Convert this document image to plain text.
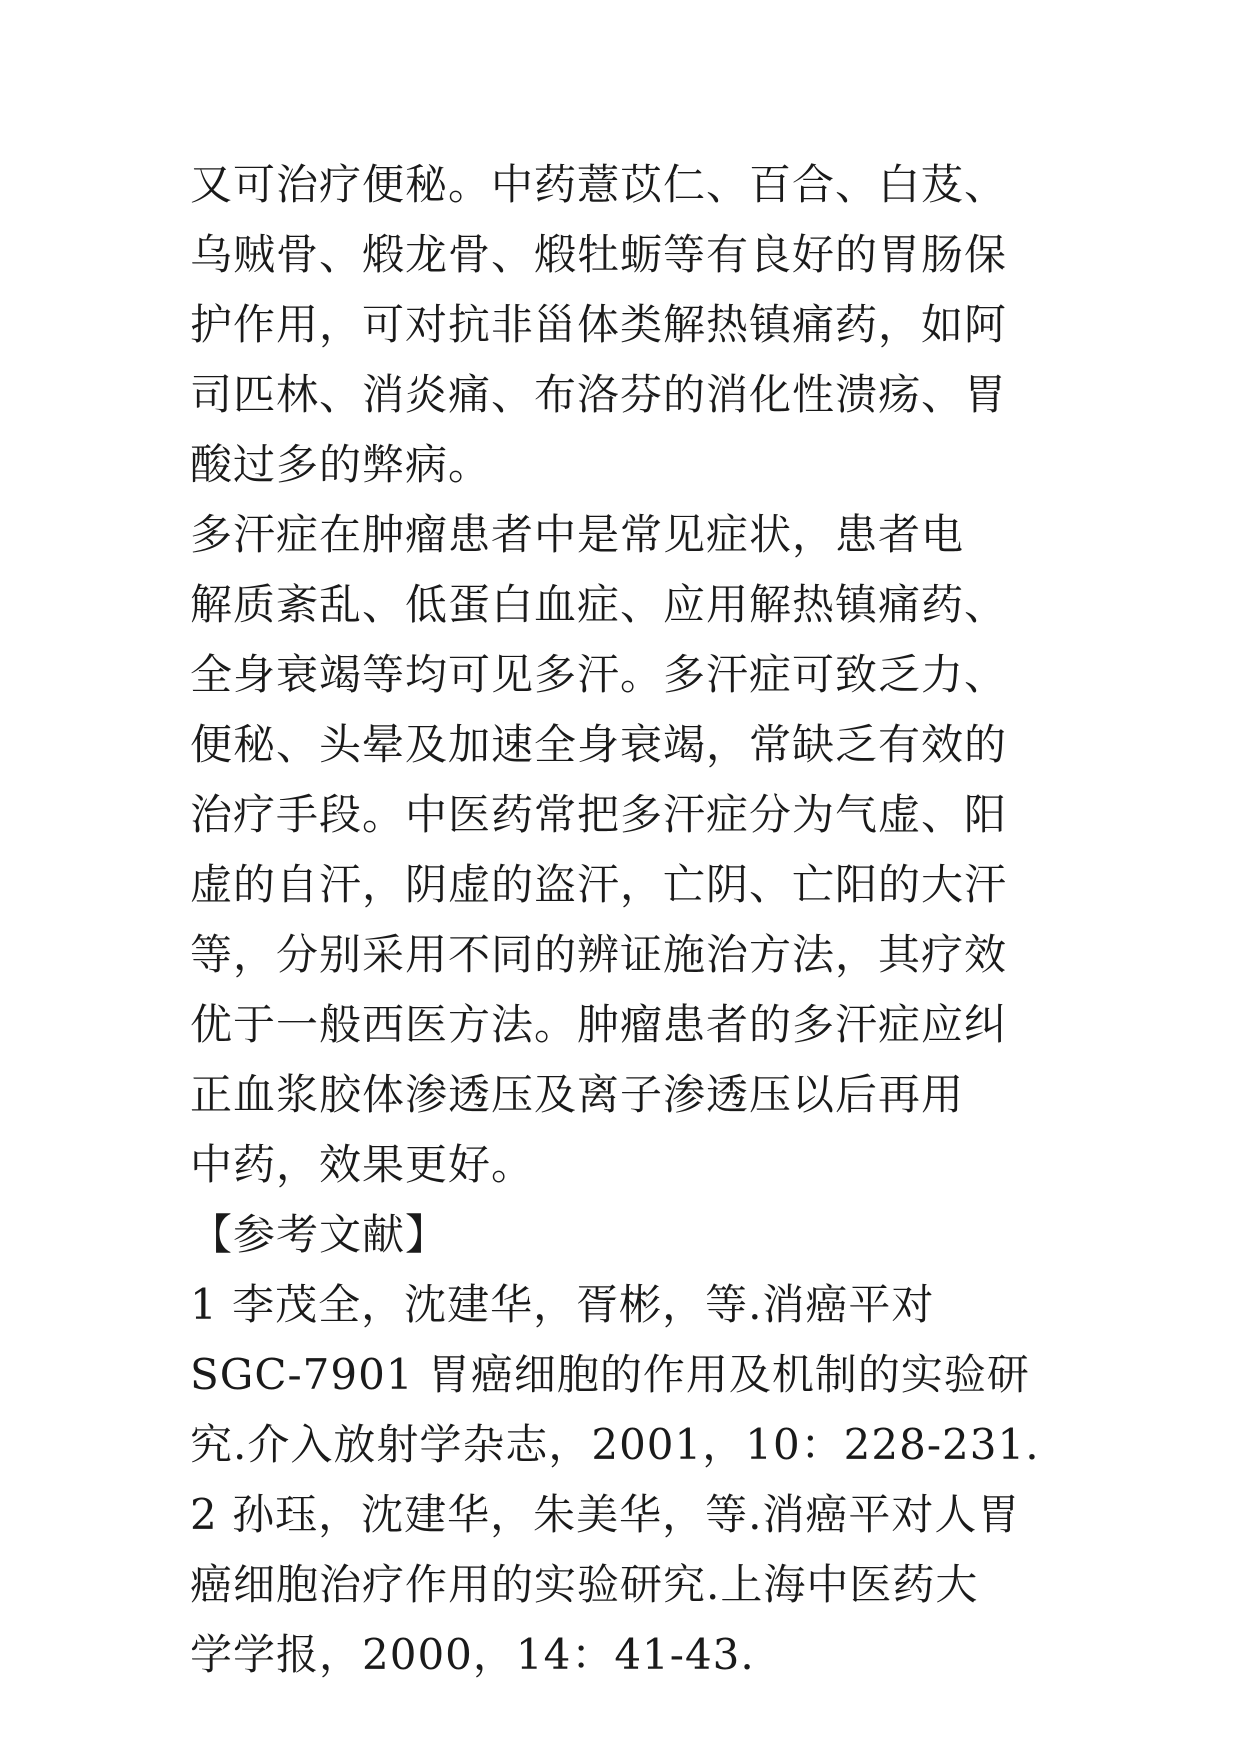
又可治疗便秘。中药薏苡仁、百合、白芨、
乌贼骨、煅龙骨、煅牡蛎等有良好的胃肠保
护作用，可对抗非甾体类解热镇痛药，如阿
司匹林、消炎痛、布洛芬的消化性溃疡、胃
酸过多的弊病。
多汗症在肿瘤患者中是常见症状，患者电
解质紊乱、低蛋白血症、应用解热镇痛药、
全身衰竭等均可见多汗。多汗症可致乏力、
便秘、头晕及加速全身衰竭，常缺乏有效的
治疗手段。中医药常把多汗症分为气虚、阳
虚的自汗，阴虚的盗汗，亡阴、亡阳的大汗
等，分别采用不同的辨证施治方法，其疗效
优于一般西医方法。肿瘤患者的多汗症应纠
正血浆胶体渗透压及离子渗透压以后再用
中药，效果更好。
【参考文献】
1 李茂全，沈建华，胥彬，等.消癌平对
SGC-7901 胃癌细胞的作用及机制的实验研
究.介入放射学杂志，2001，10：228-231.
2 孙珏，沈建华，朱美华，等.消癌平对人胃
癌细胞治疗作用的实验研究.上海中医药大
学学报，2000，14：41-43.
